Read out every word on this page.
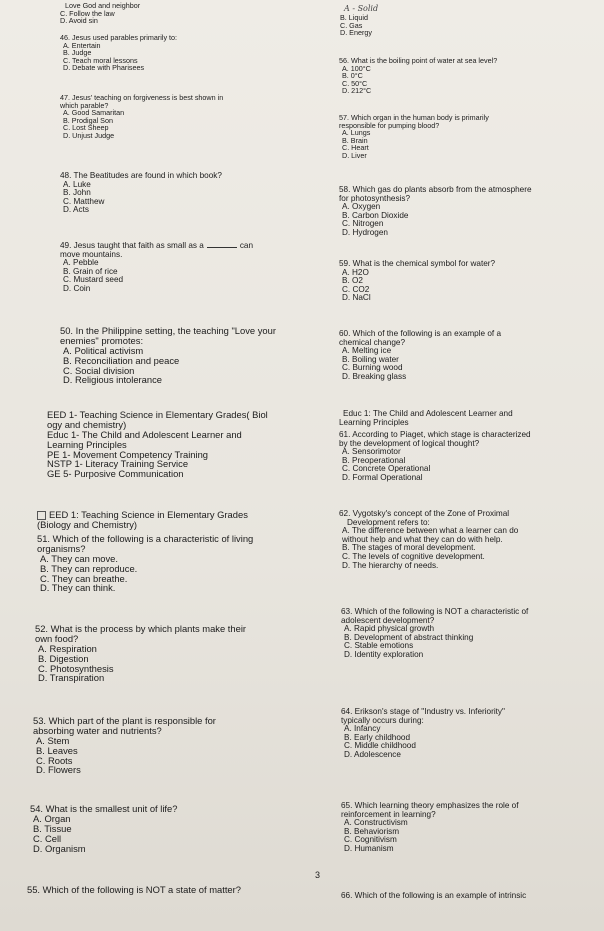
Love God and neighbor
C. Follow the law
D. Avoid sin
46. Jesus used parables primarily to:
A. Entertain
B. Judge
C. Teach moral lessons
D. Debate with Pharisees
47. Jesus' teaching on forgiveness is best shown in
which parable?
A. Good Samaritan
B. Prodigal Son
C. Lost Sheep
D. Unjust Judge
48. The Beatitudes are found in which book?
A. Luke
B. John
C. Matthew
D. Acts
49. Jesus taught that faith as small as a	can
move mountains.
A. Pebble
B. Grain of rice
C. Mustard seed
D. Coin
50. In the Philippine setting, the teaching "Love your
enemies" promotes:
A. Political activism
B. Reconciliation and peace
C. Social division
D. Religious intolerance
EED 1- Teaching Science in Elementary Grades( Biol
ogy and chemistry)
Educ 1- The Child and Adolescent Learner and
Learning Principles
PE 1- Movement Competency Training
NSTP 1- Literacy Training Service
GE 5- Purposive Communication
EED 1: Teaching Science in Elementary Grades
(Biology and Chemistry)
51. Which of the following is a characteristic of living
organisms?
A. They can move.
B. They can reproduce.
C. They can breathe.
D. They can think.
52. What is the process by which plants make their
own food?
A. Respiration
B. Digestion
C. Photosynthesis
D. Transpiration
53. Which part of the plant is responsible for
absorbing water and nutrients?
A. Stem
B. Leaves
C. Roots
D. Flowers
54. What is the smallest unit of life?
A. Organ
B. Tissue
C. Cell
D. Organism
55. Which of the following is NOT a state of matter?
A - Solid
B. Liquid
C. Gas
D. Energy
56. What is the boiling point of water at sea level?
A. 100°C
B. 0°C
C. 50°C
D. 212°C
57. Which organ in the human body is primarily
responsible for pumping blood?
A. Lungs
B. Brain
C. Heart
D. Liver
58. Which gas do plants absorb from the atmosphere
for photosynthesis?
A. Oxygen
B. Carbon Dioxide
C. Nitrogen
D. Hydrogen
59. What is the chemical symbol for water?
A. H2O
B. O2
C. CO2
D. NaCl
60. Which of the following is an example of a
chemical change?
A. Melting ice
B. Boiling water
C. Burning wood
D. Breaking glass
Educ 1: The Child and Adolescent Learner and
Learning Principles
61. According to Piaget, which stage is characterized
by the development of logical thought?
A. Sensorimotor
B. Preoperational
C. Concrete Operational
D. Formal Operational
62. Vygotsky's concept of the Zone of Proximal
Development refers to:
A. The difference between what a learner can do
without help and what they can do with help.
B. The stages of moral development.
C. The levels of cognitive development.
D. The hierarchy of needs.
63. Which of the following is NOT a characteristic of
adolescent development?
A. Rapid physical growth
B. Development of abstract thinking
C. Stable emotions
D. Identity exploration
64. Erikson's stage of "Industry vs. Inferiority"
typically occurs during:
A. Infancy
B. Early childhood
C. Middle childhood
D. Adolescence
65. Which learning theory emphasizes the role of
reinforcement in learning?
A. Constructivism
B. Behaviorism
C. Cognitivism
D. Humanism
3
66. Which of the following is an example of intrinsic
